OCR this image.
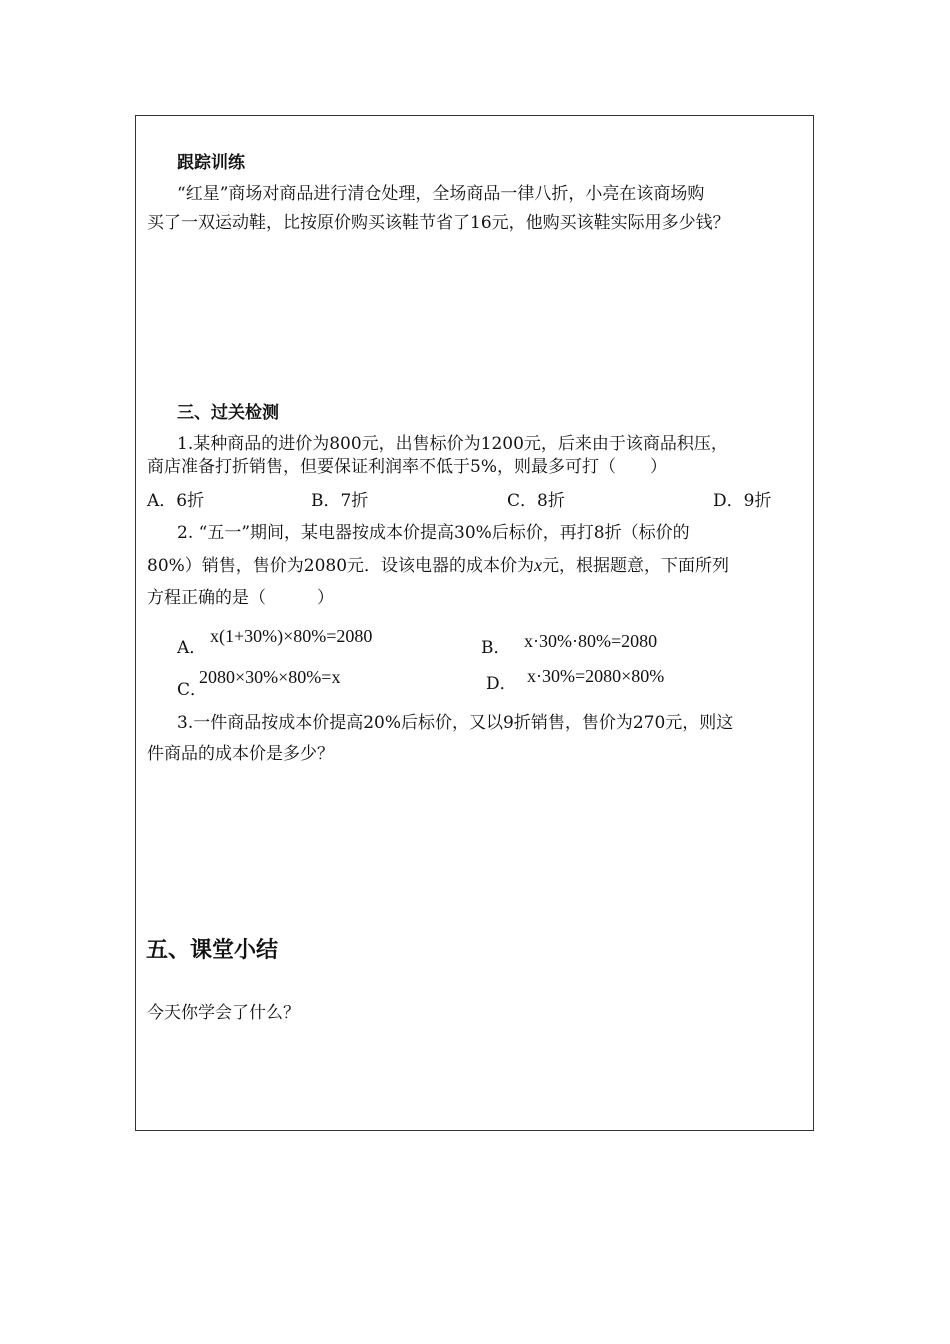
跟踪训练
“红星”商场对商品进行清仓处理，全场商品一律八折，小亮在该商场购
买了一双运动鞋，比按原价购买该鞋节省了16元，他购买该鞋实际用多少钱？
三、过关检测
1.某种商品的进价为800元，出售标价为1200元，后来由于该商品积压，
商店准备打折销售，但要保证利润率不低于5%，则最多可打（　　）
A．6折	B．7折	C．8折	D．9折
2. “五一”期间，某电器按成本价提高30%后标价，再打8折（标价的
80%）销售，售价为2080元．设该电器的成本价为x元，根据题意，下面所列
方程正确的是（　　　）
A．
x(1+30%)×80%=2080
B． x·30%·80%=2080
C．
2080×30%×80%=x	D． x·30%=2080×80%
3.一件商品按成本价提高20%后标价，又以9折销售，售价为270元，则这
件商品的成本价是多少？
五、课堂小结
今天你学会了什么？
